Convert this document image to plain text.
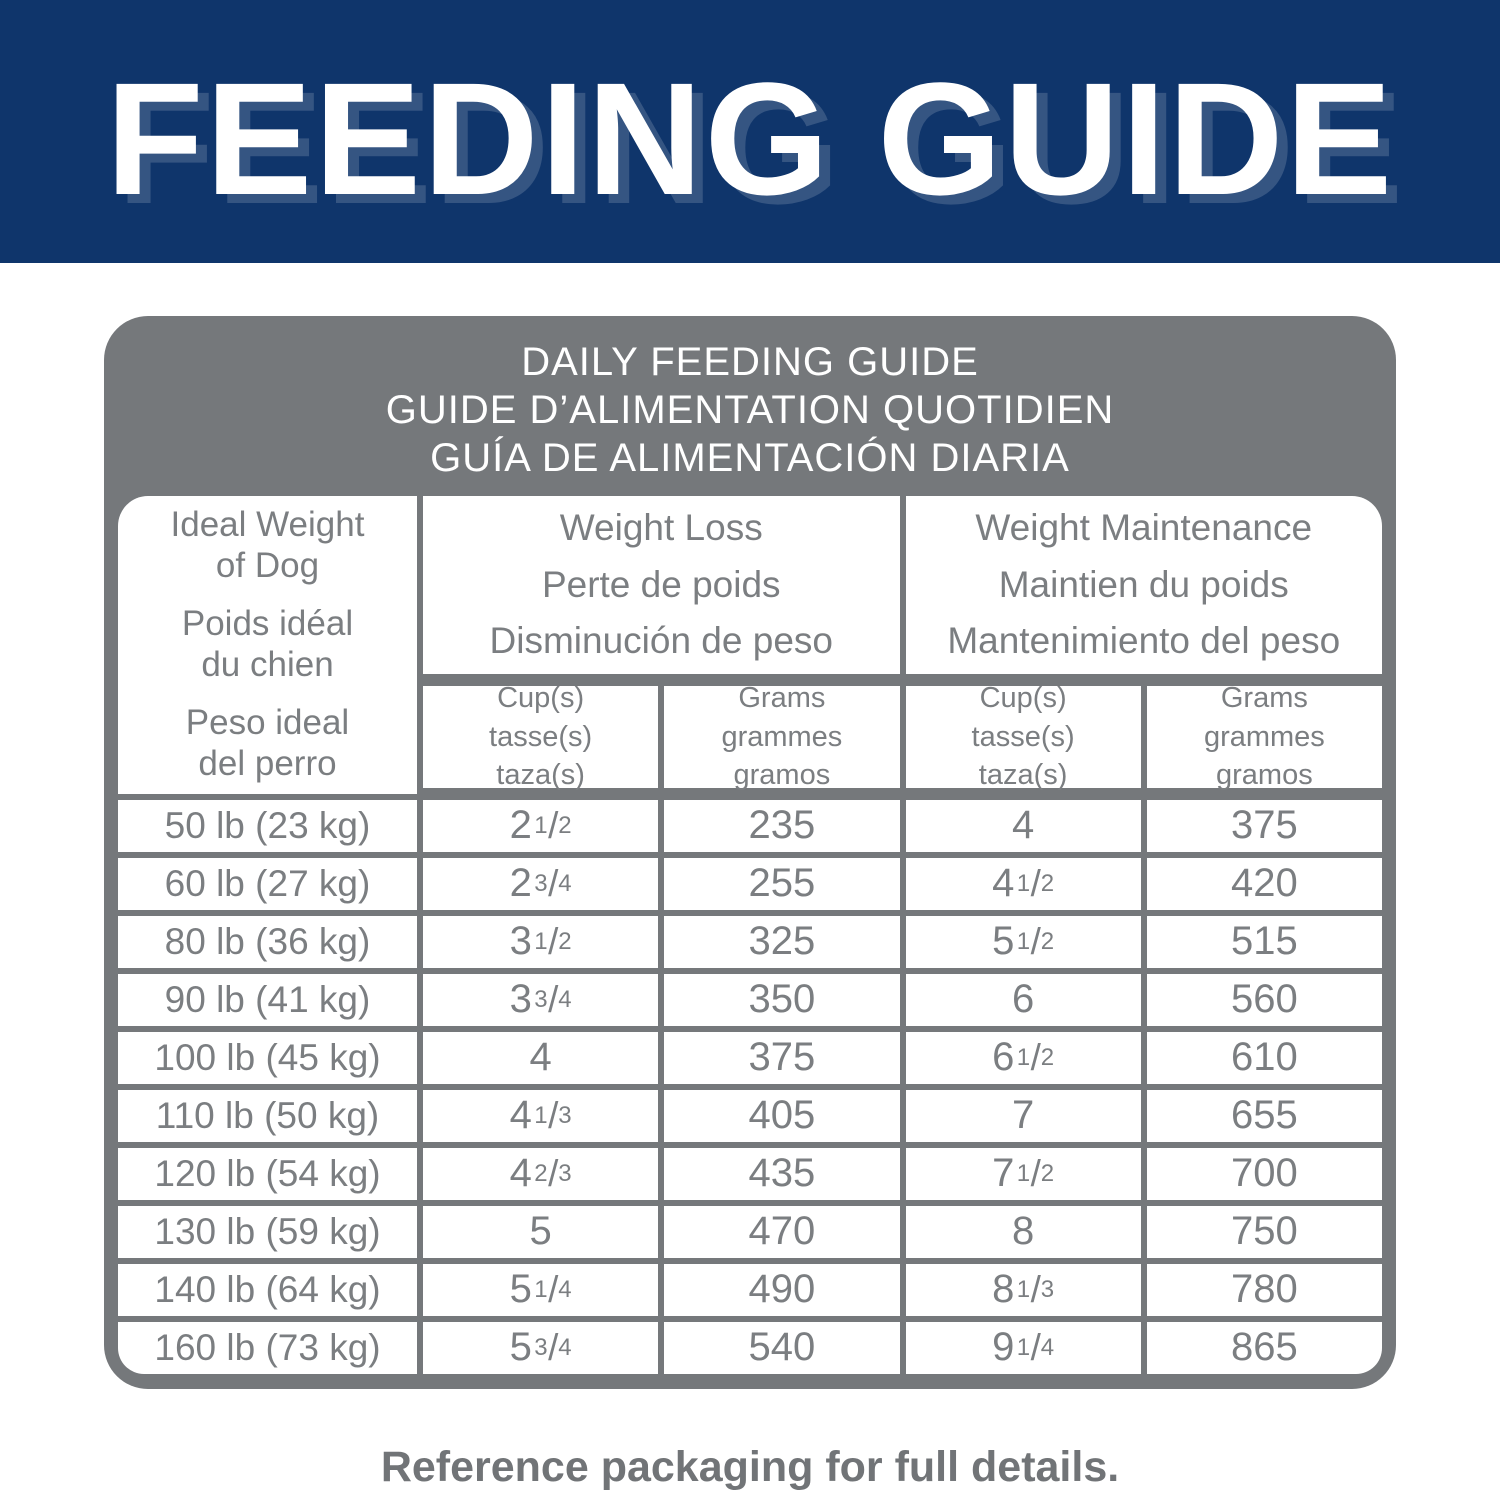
FEEDING GUIDE
DAILY FEEDING GUIDE
GUIDE D’ALIMENTATION QUOTIDIEN
GUÍA DE ALIMENTACIÓN DIARIA
Ideal Weight
of Dog
Poids idéal
du chien
Peso ideal
del perro
Weight Loss
Perte de poids
Disminución de peso
Weight Maintenance
Maintien du poids
Mantenimiento del peso
Cup(s)
tasse(s)
taza(s)
Grams
grammes
gramos
Cup(s)
tasse(s)
taza(s)
Grams
grammes
gramos
50 lb (23 kg)	2 1 / 2	235	4	375
60 lb (27 kg)	2 3 / 4	255	4 1 / 2	420
80 lb (36 kg)	3 1 / 2	325	5 1 / 2	515
90 lb (41 kg)	3 3 / 4	350	6	560
100 lb (45 kg)	4	375	6 1 / 2	610
110 lb (50 kg)	4 1 / 3	405	7	655
120 lb (54 kg)	4 2 / 3	435	7 1 / 2	700
130 lb (59 kg)	5	470	8	750
140 lb (64 kg)	5 1 / 4	490	8 1 / 3	780
160 lb (73 kg)	5 3 / 4	540	9 1 / 4	865
Reference packaging for full details.
